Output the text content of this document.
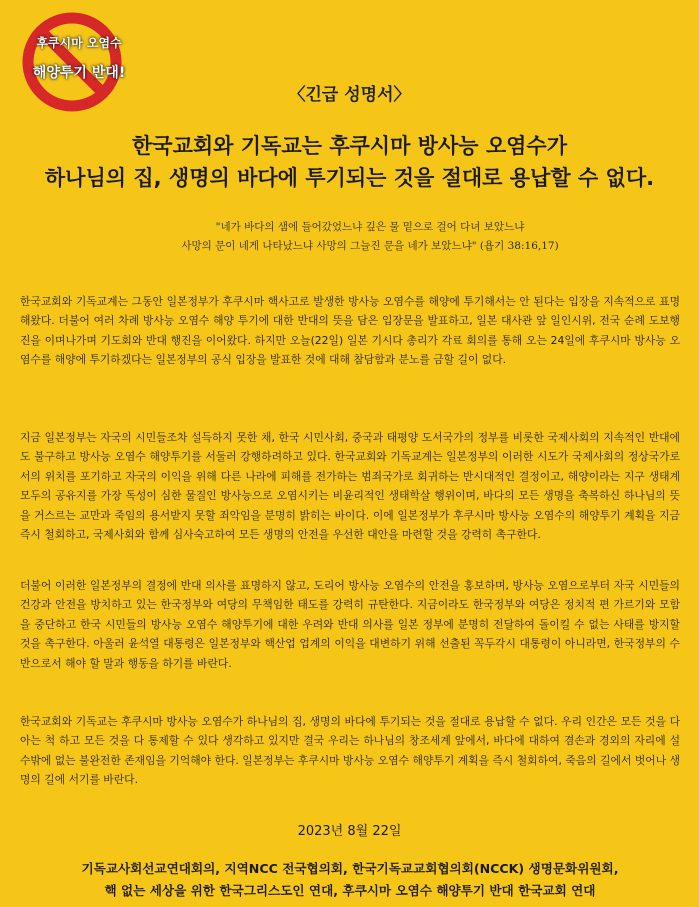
후쿠시마 오염수
해양투기 반대!
〈긴급 성명서〉
한국교회와 기독교는 후쿠시마 방사능 오염수가
하나님의 집, 생명의 바다에 투기되는 것을 절대로 용납할 수 없다.
"네가 바다의 샘에 들어갔었느냐 깊은 물 밑으로 걸어 다녀 보았느냐
사망의 문이 네게 나타났느냐 사망의 그늘진 문을 네가 보았느냐" (욥기 38:16,17)
한국교회와 기독교계는 그동안 일본정부가 후쿠시마 핵사고로 발생한 방사능 오염수를 해양에 투기해서는 안 된다는 입장을 지속적으로 표명해왔다. 더불어 여러 차례 방사능 오염수 해양 투기에 대한 반대의 뜻을 담은 입장문을 발표하고, 일본 대사관 앞 일인시위, 전국 순례 도보행진을 이며나가며 기도회와 반대 행진을 이어왔다. 하지만 오늘(22일) 일본 기시다 총리가 각료 회의를 통해 오는 24일에 후쿠시마 방사능 오염수를 해양에 투기하겠다는 일본정부의 공식 입장을 발표한 것에 대해 참담함과 분노를 금할 길이 없다.
지금 일본정부는 자국의 시민들조차 설득하지 못한 채, 한국 시민사회, 중국과 태평양 도서국가의 정부를 비롯한 국제사회의 지속적인 반대에도 불구하고 방사능 오염수 해양투기를 서둘러 강행하려하고 있다. 한국교회와 기독교계는 일본정부의 이러한 시도가 국제사회의 정상국가로서의 위치를 포기하고 자국의 이익을 위해 다른 나라에 피해를 전가하는 범죄국가로 회귀하는 반시대적인 결정이고, 해양이라는 지구 생태계 모두의 공유지를 가장 독성이 심한 물질인 방사능으로 오염시키는 비윤리적인 생태학살 행위이며, 바다의 모든 생명을 축복하신 하나님의 뜻을 거스르는 교만과 죽임의 용서받지 못할 죄악임을 분명히 밝히는 바이다. 이에 일본정부가 후쿠시마 방사능 오염수의 해양투기 계획을 지금 즉시 철회하고, 국제사회와 함께 심사숙고하여 모든 생명의 안전을 우선한 대안을 마련할 것을 강력히 촉구한다.
더불어 이러한 일본정부의 결정에 반대 의사를 표명하지 않고, 도리어 방사능 오염수의 안전을 홍보하며, 방사능 오염으로부터 자국 시민들의 건강과 안전을 방치하고 있는 한국정부와 여당의 무책임한 태도를 강력히 규탄한다. 지금이라도 한국정부와 여당은 정치적 편 가르기와 모함을 중단하고 한국 시민들의 방사능 오염수 해양투기에 대한 우려와 반대 의사를 일본 정부에 분명히 전달하여 돌이킬 수 없는 사태를 방지할 것을 촉구한다. 아울러 윤석열 대통령은 일본정부와 핵산업 업계의 이익을 대변하기 위해 선출된 꼭두각시 대통령이 아니라면, 한국정부의 수반으로서 해야 할 말과 행동을 하기를 바란다.
한국교회와 기독교는 후쿠시마 방사능 오염수가 하나님의 집, 생명의 바다에 투기되는 것을 절대로 용납할 수 없다. 우리 인간은 모든 것을 다 아는 척 하고 모든 것을 다 통제할 수 있다 생각하고 있지만 결국 우리는 하나님의 창조세계 앞에서, 바다에 대하여 겸손과 경외의 자리에 설 수밖에 없는 불완전한 존재임을 기억해야 한다. 일본정부는 후쿠시마 방사능 오염수 해양투기 계획을 즉시 철회하여, 죽음의 길에서 벗어나 생명의 길에 서기를 바란다.
2023년 8월 22일
기독교사회선교연대회의, 지역NCC 전국협의회, 한국기독교교회협의회(NCCK) 생명문화위원회,
핵 없는 세상을 위한 한국그리스도인 연대, 후쿠시마 오염수 해양투기 반대 한국교회 연대
